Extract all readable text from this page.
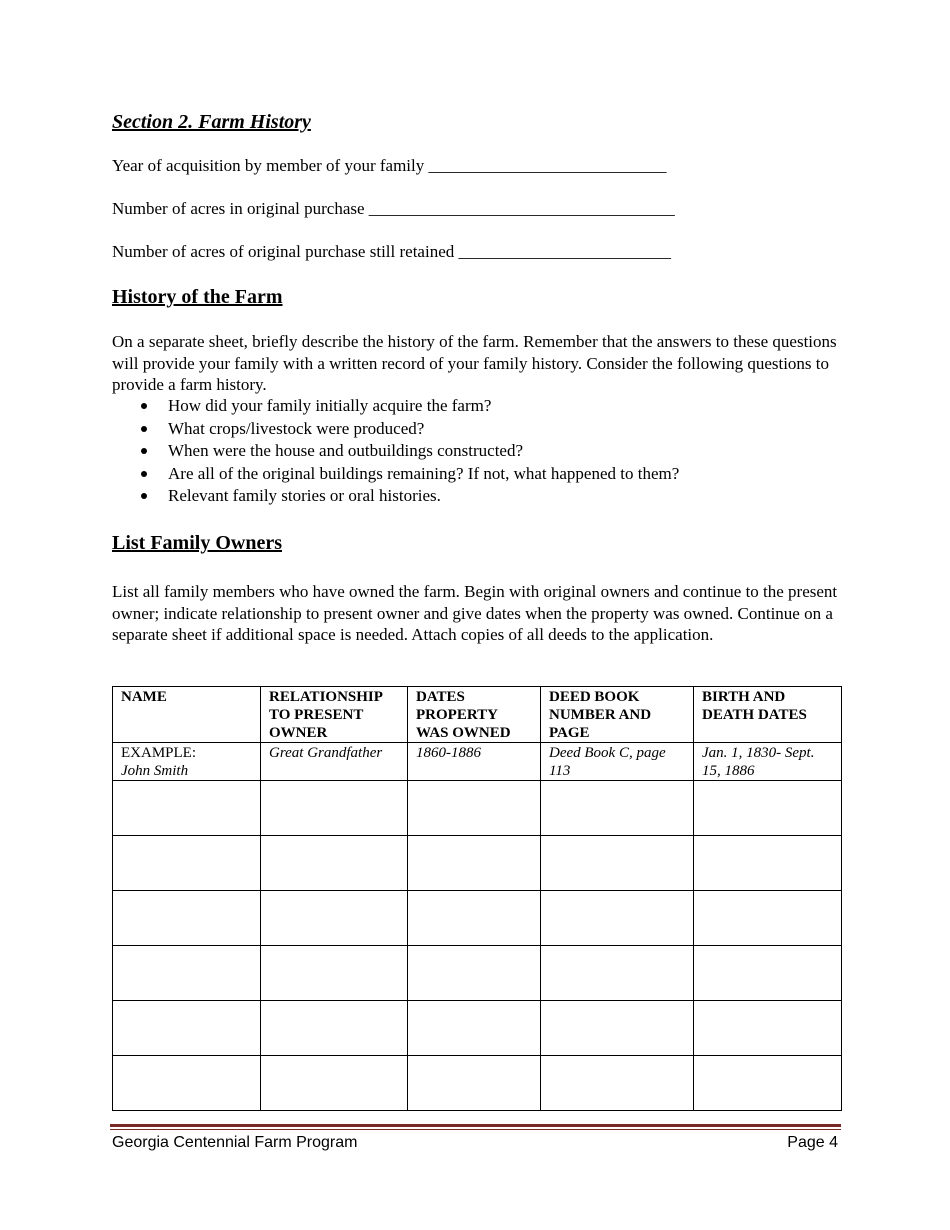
Section 2. Farm History
Year of acquisition by member of your family ____________________________
Number of acres in original purchase ____________________________________
Number of acres of original purchase still retained _________________________
History of the Farm

On a separate sheet, briefly describe the history of the farm. Remember that the answers to these questions will provide your family with a written record of your family history. Consider the following questions to provide a farm history.

How did your family initially acquire the farm?
What crops/livestock were produced?
When were the house and outbuildings constructed?
Are all of the original buildings remaining? If not, what happened to them?
Relevant family stories or oral histories.
List Family Owners

List all family members who have owned the farm. Begin with original owners and continue to the present owner; indicate relationship to present owner and give dates when the property was owned. Continue on a separate sheet if additional space is needed. Attach copies of all deeds to the application.

NAME	RELATIONSHIP TO PRESENT OWNER	DATES PROPERTY WAS OWNED	DEED BOOK NUMBER AND PAGE	BIRTH AND DEATH DATES

EXAMPLE:
John Smith	Great Grandfather	1860-1886	Deed Book C, page 113	Jan. 1, 1830- Sept. 15, 1886

Georgia Centennial Farm Program	Page 4
